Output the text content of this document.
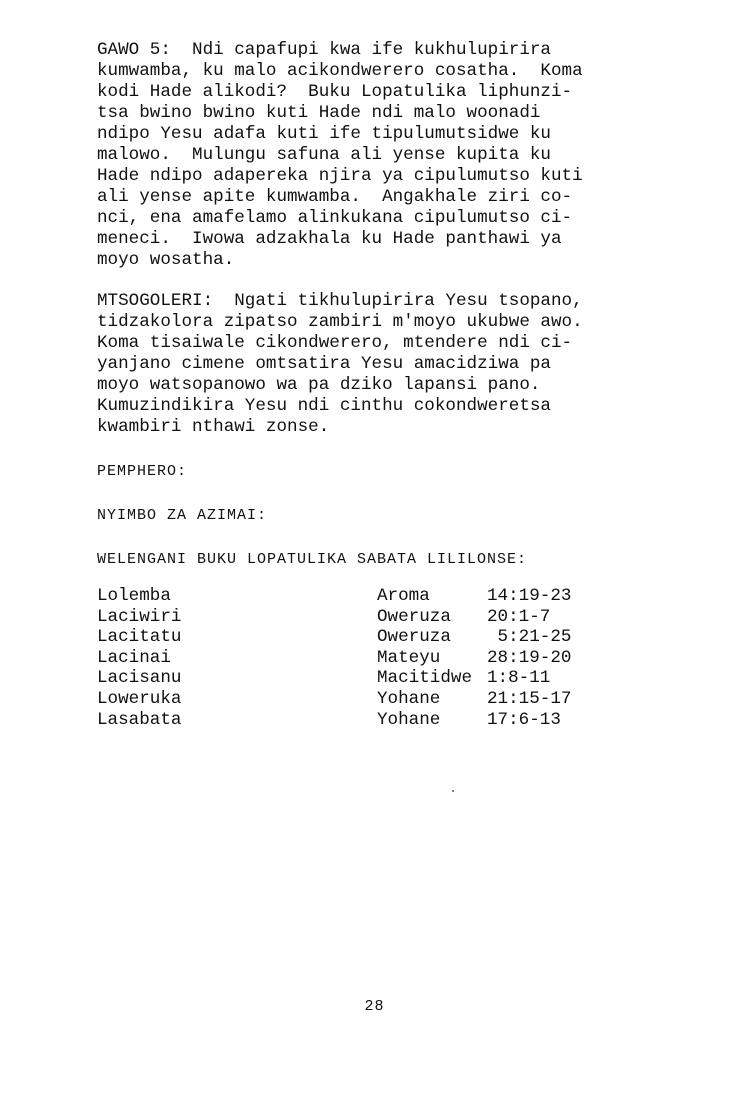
GAWO 5:  Ndi capafupi kwa ife kukhulupirira
kumwamba, ku malo acikondwerero cosatha.  Koma
kodi Hade alikodi?  Buku Lopatulika liphunzi-
tsa bwino bwino kuti Hade ndi malo woonadi
ndipo Yesu adafa kuti ife tipulumutsidwe ku
malowo.  Mulungu safuna ali yense kupita ku
Hade ndipo adapereka njira ya cipulumutso kuti
ali yense apite kumwamba.  Angakhale ziri co-
nci, ena amafelamo alinkukana cipulumutso ci-
meneci.  Iwowa adzakhala ku Hade panthawi ya
moyo wosatha.

MTSOGOLERI:  Ngati tikhulupirira Yesu tsopano,
tidzakolora zipatso zambiri m'moyo ukubwe awo.
Koma tisaiwale cikondwerero, mtendere ndi ci-
yanjano cimene omtsatira Yesu amacidziwa pa
moyo watsopanowo wa pa dziko lapansi pano.
Kumuzindikira Yesu ndi cinthu cokondweretsa
kwambiri nthawi zonse.

PEMPHERO:
NYIMBO ZA AZIMAI:
WELENGANI BUKU LOPATULIKA SABATA LILILONSE:
Lolemba	Aroma	14:19-23
Laciwiri	Oweruza	20:1-7
Lacitatu	Oweruza	5:21-25
Lacinai	Mateyu	28:19-20
Lacisanu	Macitidwe 1:8-11
Loweruka	Yohane	21:15-17
Lasabata	Yohane	17:6-13
28
